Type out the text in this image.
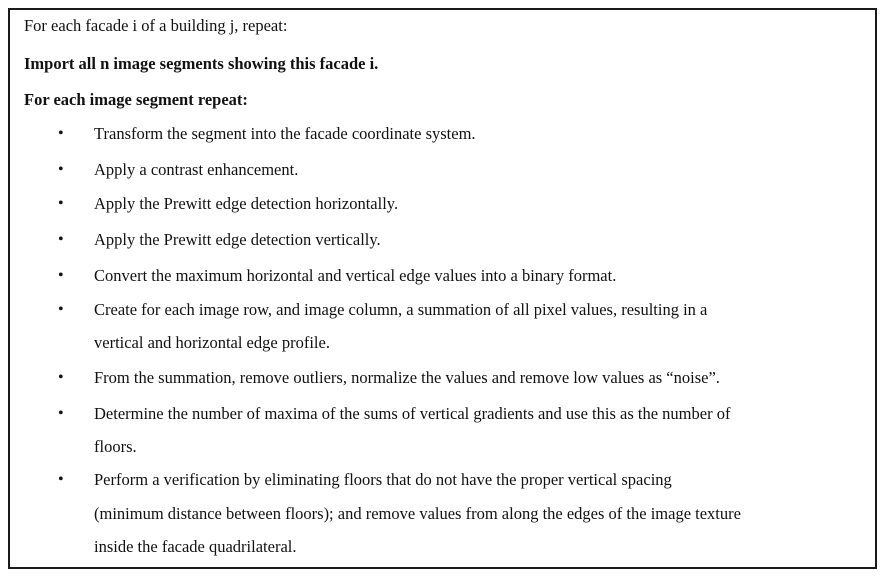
For each facade i of a building j, repeat:
Import all n image segments showing this facade i.
For each image segment repeat:
• Transform the segment into the facade coordinate system.
• Apply a contrast enhancement.
• Apply the Prewitt edge detection horizontally.
• Apply the Prewitt edge detection vertically.
• Convert the maximum horizontal and vertical edge values into a binary format.
• Create for each image row, and image column, a summation of all pixel values, resulting in a
vertical and horizontal edge profile.
• From the summation, remove outliers, normalize the values and remove low values as “noise”.
• Determine the number of maxima of the sums of vertical gradients and use this as the number of
floors.
• Perform a verification by eliminating floors that do not have the proper vertical spacing
(minimum distance between floors); and remove values from along the edges of the image texture
inside the facade quadrilateral.
